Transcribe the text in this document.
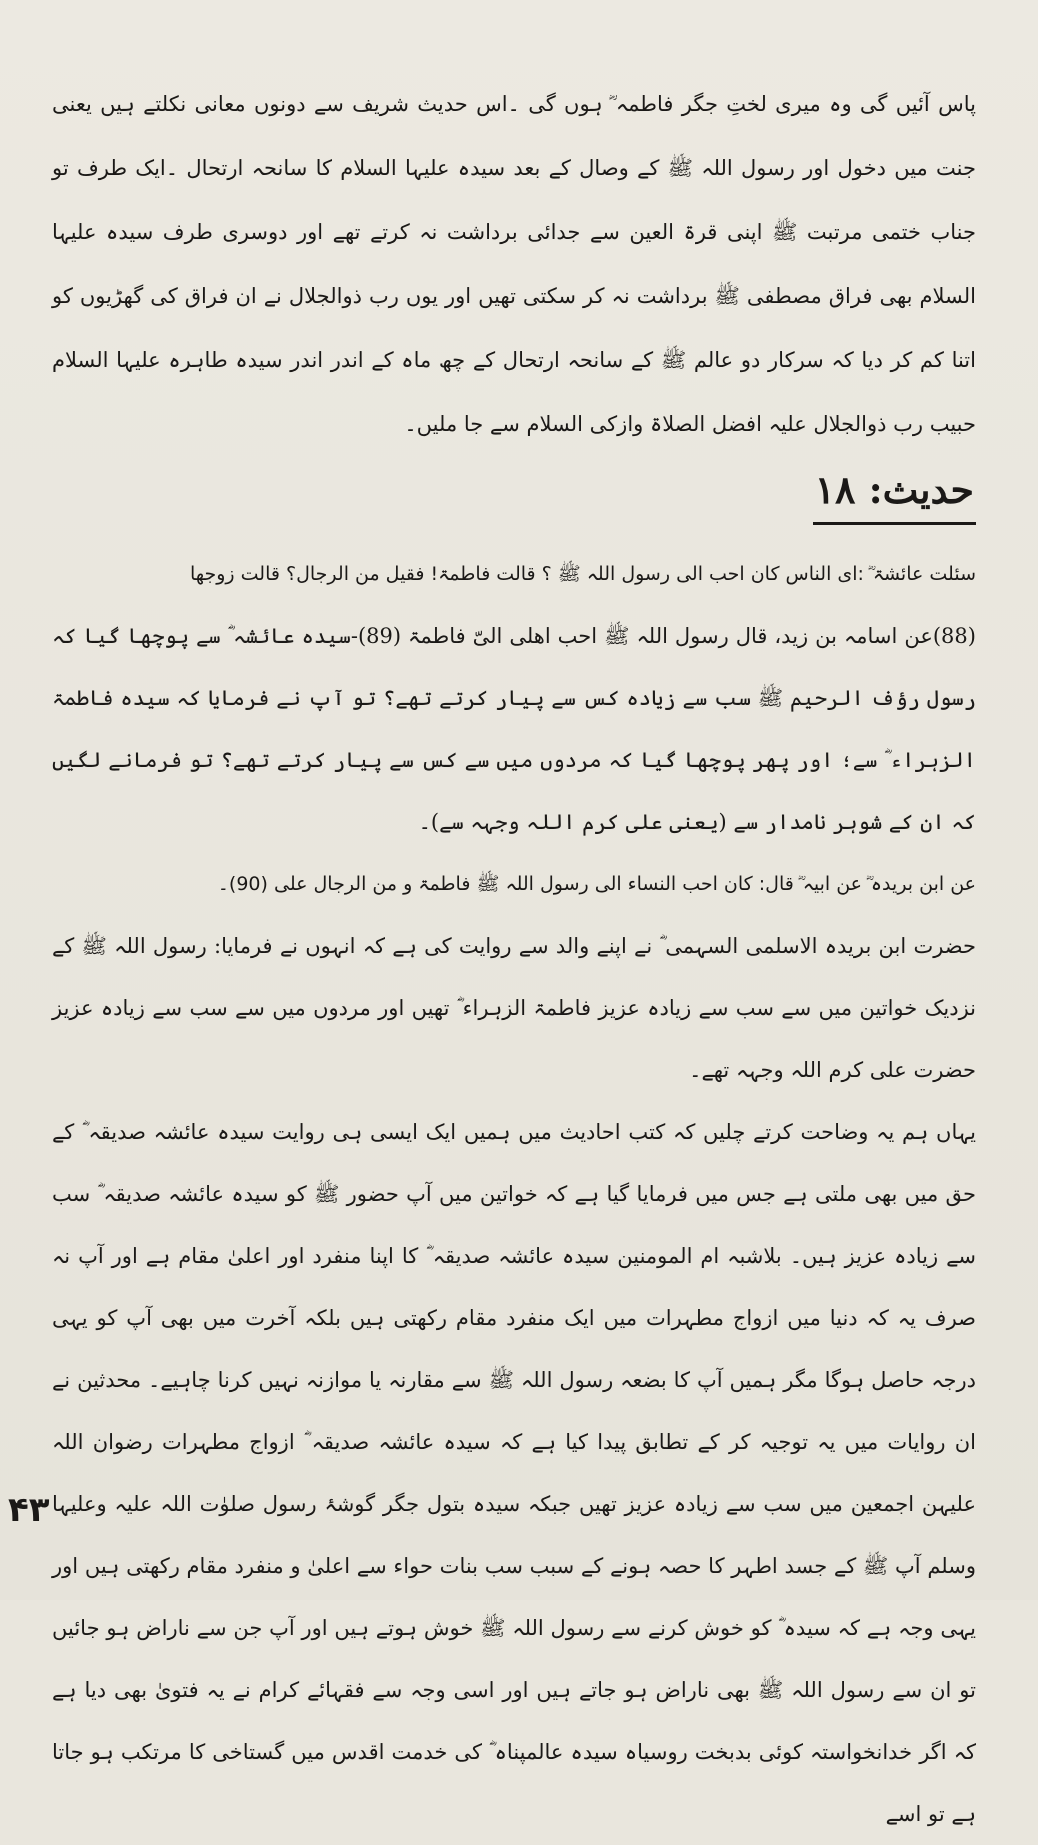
پاس آئیں گی وہ میری لختِ جگر فاطمہ ؓ ہوں گی ۔اس حدیث شریف سے دونوں معانی نکلتے ہیں یعنی جنت میں دخول اور رسول اللہ ﷺ کے وصال کے بعد سیدہ علیہا السلام کا سانحہ ارتحال ۔ایک طرف تو جناب ختمی مرتبت ﷺ اپنی قرۃ العین سے جدائی برداشت نہ کرتے تھے اور دوسری طرف سیدہ علیہا السلام بھی فراق مصطفی ﷺ برداشت نہ کر سکتی تھیں اور یوں رب ذوالجلال نے ان فراق کی گھڑیوں کو اتنا کم کر دیا کہ سرکار دو عالم ﷺ کے سانحہ ارتحال کے چھ ماہ کے اندر اندر سیدہ طاہرہ علیہا السلام حبیب رب ذوالجلال علیہ افضل الصلاۃ وازکی السلام سے جا ملیں۔

حدیث: ۱۸

سئلت عائشۃ ؓ :ای الناس کان احب الی رسول اللہ ﷺ ؟ قالت فاطمۃ! فقیل من الرجال؟ قالت زوجھا

(88)عن اسامہ بن زید، قال رسول اللہ ﷺ احب اھلی الیّ فاطمۃ (89)-سیدہ عائشہ ؓ سے پوچھا گیا کہ رسول رؤف الرحیم ﷺ سب سے زیادہ کس سے پیار کرتے تھے؟ تو آپ نے فرمایا کہ سیدہ فاطمۃ الزہراء ؓ سے؛ اور پھر پوچھا گیا کہ مردوں میں سے کس سے پیار کرتے تھے؟ تو فرمانے لگیں کہ ان کے شوہر نامدار سے (یعنی علی کرم اللہ وجہہ سے)۔

عن ابن بریدہ ؓ عن ابیہ ؓ قال: کان احب النساء الی رسول اللہ ﷺ فاطمۃ و من الرجال علی (90)۔

حضرت ابن بریدہ الاسلمی السہمی ؓ نے اپنے والد سے روایت کی ہے کہ انہوں نے فرمایا: رسول اللہ ﷺ کے نزدیک خواتین میں سے سب سے زیادہ عزیز فاطمۃ الزہراء ؓ تھیں اور مردوں میں سے سب سے زیادہ عزیز حضرت علی کرم اللہ وجہہ تھے۔

یہاں ہم یہ وضاحت کرتے چلیں کہ کتب احادیث میں ہمیں ایک ایسی ہی روایت سیدہ عائشہ صدیقہ ؓ کے حق میں بھی ملتی ہے جس میں فرمایا گیا ہے کہ خواتین میں آپ حضور ﷺ کو سیدہ عائشہ صدیقہ ؓ سب سے زیادہ عزیز ہیں۔ بلاشبہ ام المومنین سیدہ عائشہ صدیقہ ؓ کا اپنا منفرد اور اعلیٰ مقام ہے اور آپ نہ صرف یہ کہ دنیا میں ازواج مطہرات میں ایک منفرد مقام رکھتی ہیں بلکہ آخرت میں بھی آپ کو یہی درجہ حاصل ہوگا مگر ہمیں آپ کا بضعہ رسول اللہ ﷺ سے مقارنہ یا موازنہ نہیں کرنا چاہیے۔ محدثین نے ان روایات میں یہ توجیہ کر کے تطابق پیدا کیا ہے کہ سیدہ عائشہ صدیقہ ؓ ازواج مطہرات رضوان اللہ علیہن اجمعین میں سب سے زیادہ عزیز تھیں جبکہ سیدہ بتول جگر گوشۂ رسول صلوٰت اللہ علیہ وعلیہا وسلم آپ ﷺ کے جسد اطہر کا حصہ ہونے کے سبب سب بنات حواء سے اعلیٰ و منفرد مقام رکھتی ہیں اور یہی وجہ ہے کہ سیدہ ؓ کو خوش کرنے سے رسول اللہ ﷺ خوش ہوتے ہیں اور آپ جن سے ناراض ہو جائیں تو ان سے رسول اللہ ﷺ بھی ناراض ہو جاتے ہیں اور اسی وجہ سے فقہائے کرام نے یہ فتویٰ بھی دیا ہے کہ اگر خدانخواستہ کوئی بدبخت روسیاہ سیدہ عالمپناہ ؓ کی خدمت اقدس میں گستاخی کا مرتکب ہو جاتا ہے تو اسے

۴۳
